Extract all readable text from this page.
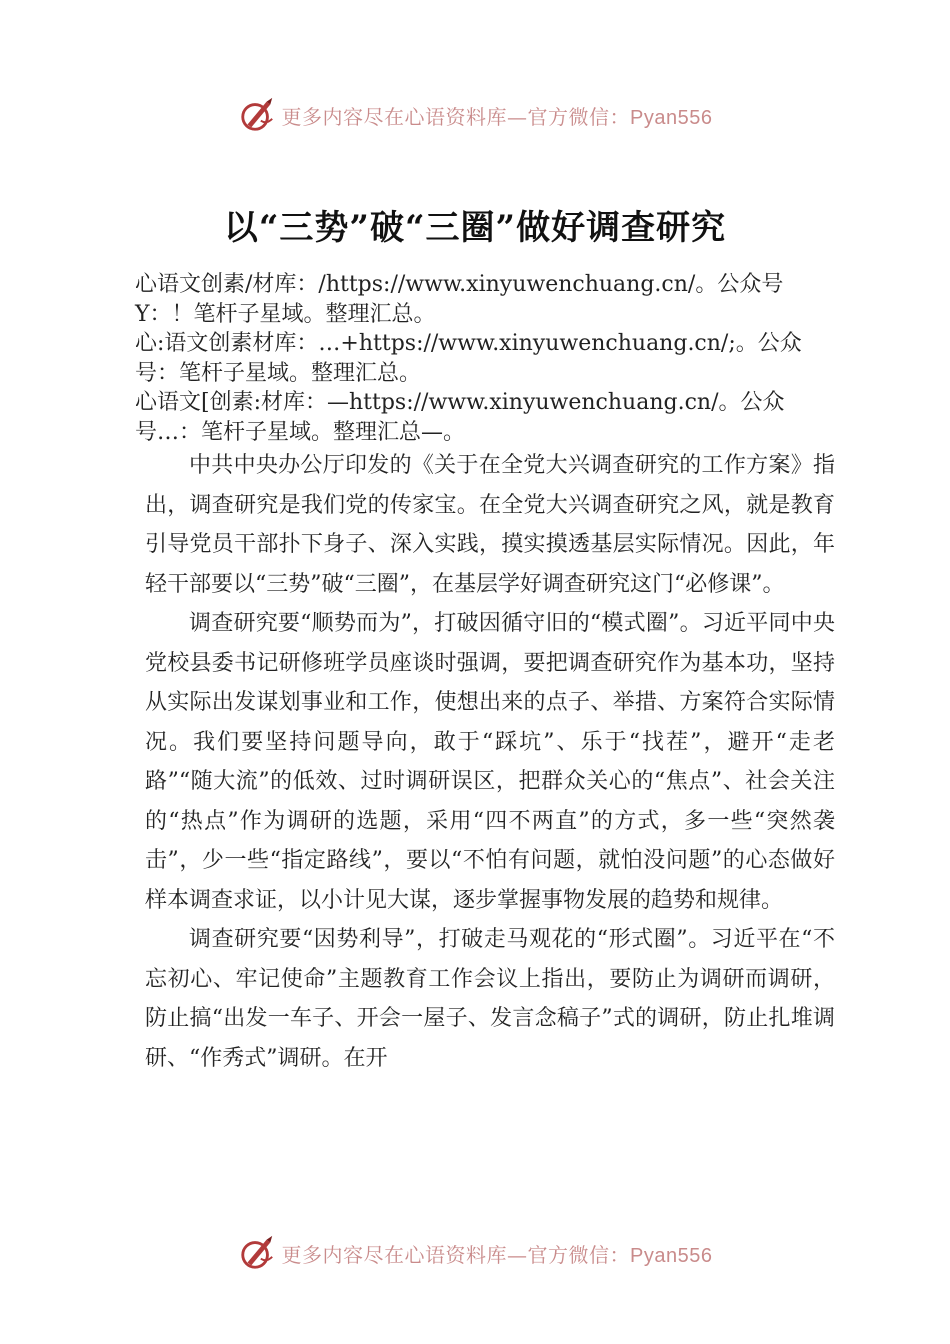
更多内容尽在心语资料库—官方微信：Pyan556
以“三势”破“三圈”做好调查研究

心语文创素/材库：/https://www.xinyuwenchuang.cn/。公众号Y：！笔杆子星域。整理汇总。

心:语文创素材库：…+https://www.xinyuwenchuang.cn/;。公众号：笔杆子星域。整理汇总。

心语文[创素:材库：—https://www.xinyuwenchuang.cn/。公众号…：笔杆子星域。整理汇总—。

中共中央办公厅印发的《关于在全党大兴调查研究的工作方案》指出，调查研究是我们党的传家宝。在全党大兴调查研究之风，就是教育引导党员干部扑下身子、深入实践，摸实摸透基层实际情况。因此，年轻干部要以“三势”破“三圈”，在基层学好调查研究这门“必修课”。

调查研究要“顺势而为”，打破因循守旧的“模式圈”。习近平同中央党校县委书记研修班学员座谈时强调，要把调查研究作为基本功，坚持从实际出发谋划事业和工作，使想出来的点子、举措、方案符合实际情况。我们要坚持问题导向，敢于“踩坑”、乐于“找茬”，避开“走老路”“随大流”的低效、过时调研误区，把群众关心的“焦点”、社会关注的“热点”作为调研的选题，采用“四不两直”的方式，多一些“突然袭击”，少一些“指定路线”，要以“不怕有问题，就怕没问题”的心态做好样本调查求证，以小计见大谋，逐步掌握事物发展的趋势和规律。

调查研究要“因势利导”，打破走马观花的“形式圈”。习近平在“不忘初心、牢记使命”主题教育工作会议上指出，要防止为调研而调研，防止搞“出发一车子、开会一屋子、发言念稿子”式的调研，防止扎堆调研、“作秀式”调研。在开

更多内容尽在心语资料库—官方微信：Pyan556
